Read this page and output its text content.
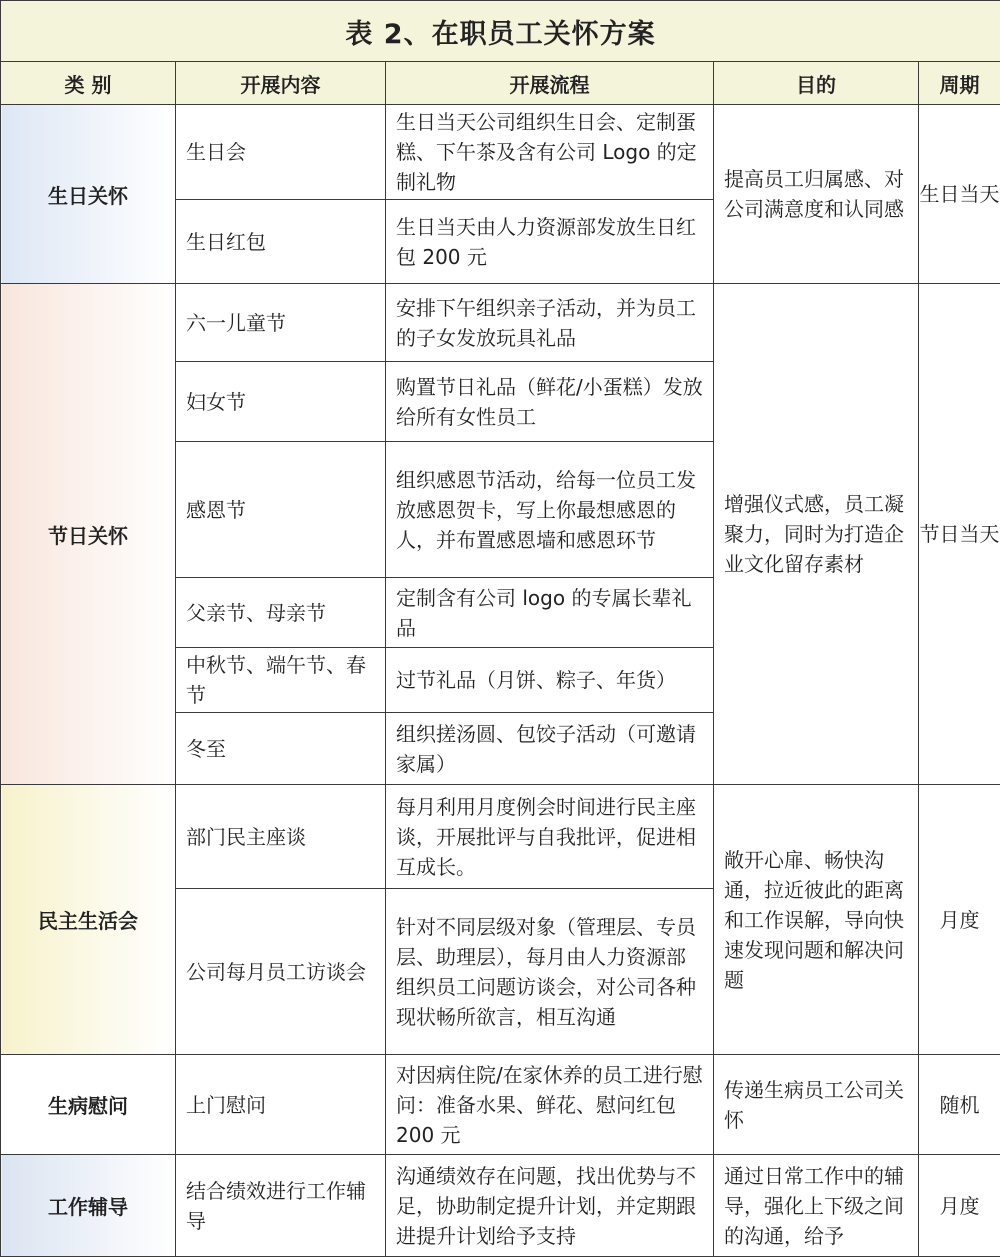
表 2、在职员工关怀方案				
类 别	开展内容	开展流程	目的	周期
生日关怀	生日会	生日当天公司组织生日会、定制蛋糕、下午茶及含有公司 Logo 的定制礼物	提高员工归属感、对公司满意度和认同感	生日当天
	生日红包	生日当天由人力资源部发放生日红包 200 元		
节日关怀	六一儿童节	安排下午组织亲子活动，并为员工的子女发放玩具礼品	增强仪式感，员工凝聚力，同时为打造企业文化留存素材	节日当天
	妇女节	购置节日礼品（鲜花/小蛋糕）发放给所有女性员工		
	感恩节	组织感恩节活动，给每一位员工发放感恩贺卡，写上你最想感恩的人，并布置感恩墙和感恩环节		
	父亲节、母亲节	定制含有公司 logo 的专属长辈礼品		
	中秋节、端午节、春节	过节礼品（月饼、粽子、年货）		
	冬至	组织搓汤圆、包饺子活动（可邀请家属）		
民主生活会	部门民主座谈	每月利用月度例会时间进行民主座谈，开展批评与自我批评，促进相互成长。	敞开心扉、畅快沟通，拉近彼此的距离和工作误解，导向快速发现问题和解决问题	月度
	公司每月员工访谈会	针对不同层级对象（管理层、专员层、助理层），每月由人力资源部组织员工问题访谈会，对公司各种现状畅所欲言，相互沟通		
生病慰问	上门慰问	对因病住院/在家休养的员工进行慰问：准备水果、鲜花、慰问红包 200 元	传递生病员工公司关怀	随机
工作辅导	结合绩效进行工作辅导	沟通绩效存在问题，找出优势与不足，协助制定提升计划，并定期跟进提升计划给予支持	通过日常工作中的辅导，强化上下级之间的沟通，给予	月度
